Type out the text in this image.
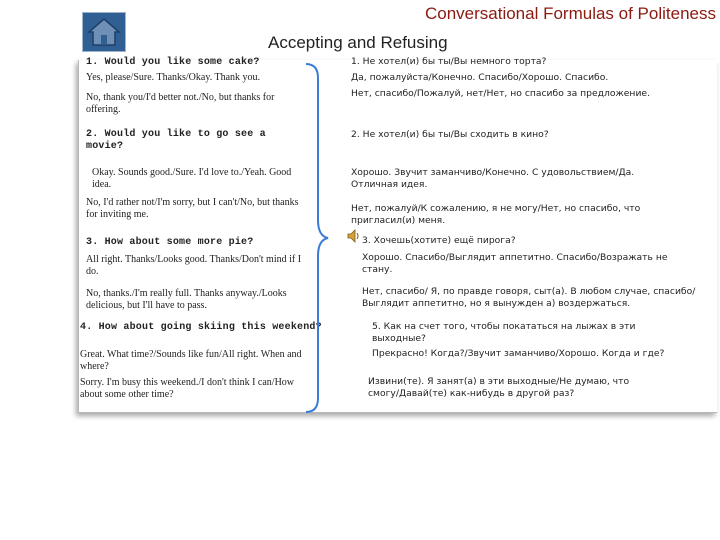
Conversational Formulas of Politeness
Accepting and Refusing
1. Would you like some cake?
Yes, please/Sure. Thanks/Okay. Thank you.
No, thank you/I'd better not./No, but thanks for offering.
2. Would you like to go see a movie?
Okay. Sounds good./Sure. I'd love to./Yeah. Good idea.
No, I'd rather not/I'm sorry, but I can't/No, but thanks for inviting me.
3. How about some more pie?
All right. Thanks/Looks good. Thanks/Don't mind if I do.
No, thanks./I'm really full. Thanks anyway./Looks delicious, but I'll have to pass.
4. How about going skiing this weekend?
Great. What time?/Sounds like fun/All right. When and where?
Sorry. I'm busy this weekend./I don't think I can/How about some other time?
1. Не хотел(и) бы ты/Вы немного торта?
Да, пожалуйста/Конечно. Спасибо/Хорошо. Спасибо.
Нет, спасибо/Пожалуй, нет/Нет, но спасибо за предложение.
2. Не хотел(и) бы ты/Вы сходить в кино?
Хорошо. Звучит заманчиво/Конечно. С удовольствием/Да. Отличная идея.
Нет, пожалуй/К сожалению, я не могу/Нет, но спасибо, что пригласил(и) меня.
3. Хочешь(хотите) ещё пирога?
Хорошо. Спасибо/Выглядит аппетитно. Спасибо/Возражать не стану.
Нет, спасибо/ Я, по правде говоря, сыт(а). В любом случае, спасибо/ Выглядит аппетитно, но я вынужден а) воздержаться.
5. Как на счет того, чтобы покататься на лыжах в эти выходные?
Прекрасно! Когда?/Звучит заманчиво/Хорошо. Когда и где?
Извини(те). Я занят(а) в эти выходные/Не думаю, что смогу/Давай(те) как-нибудь в другой раз?
